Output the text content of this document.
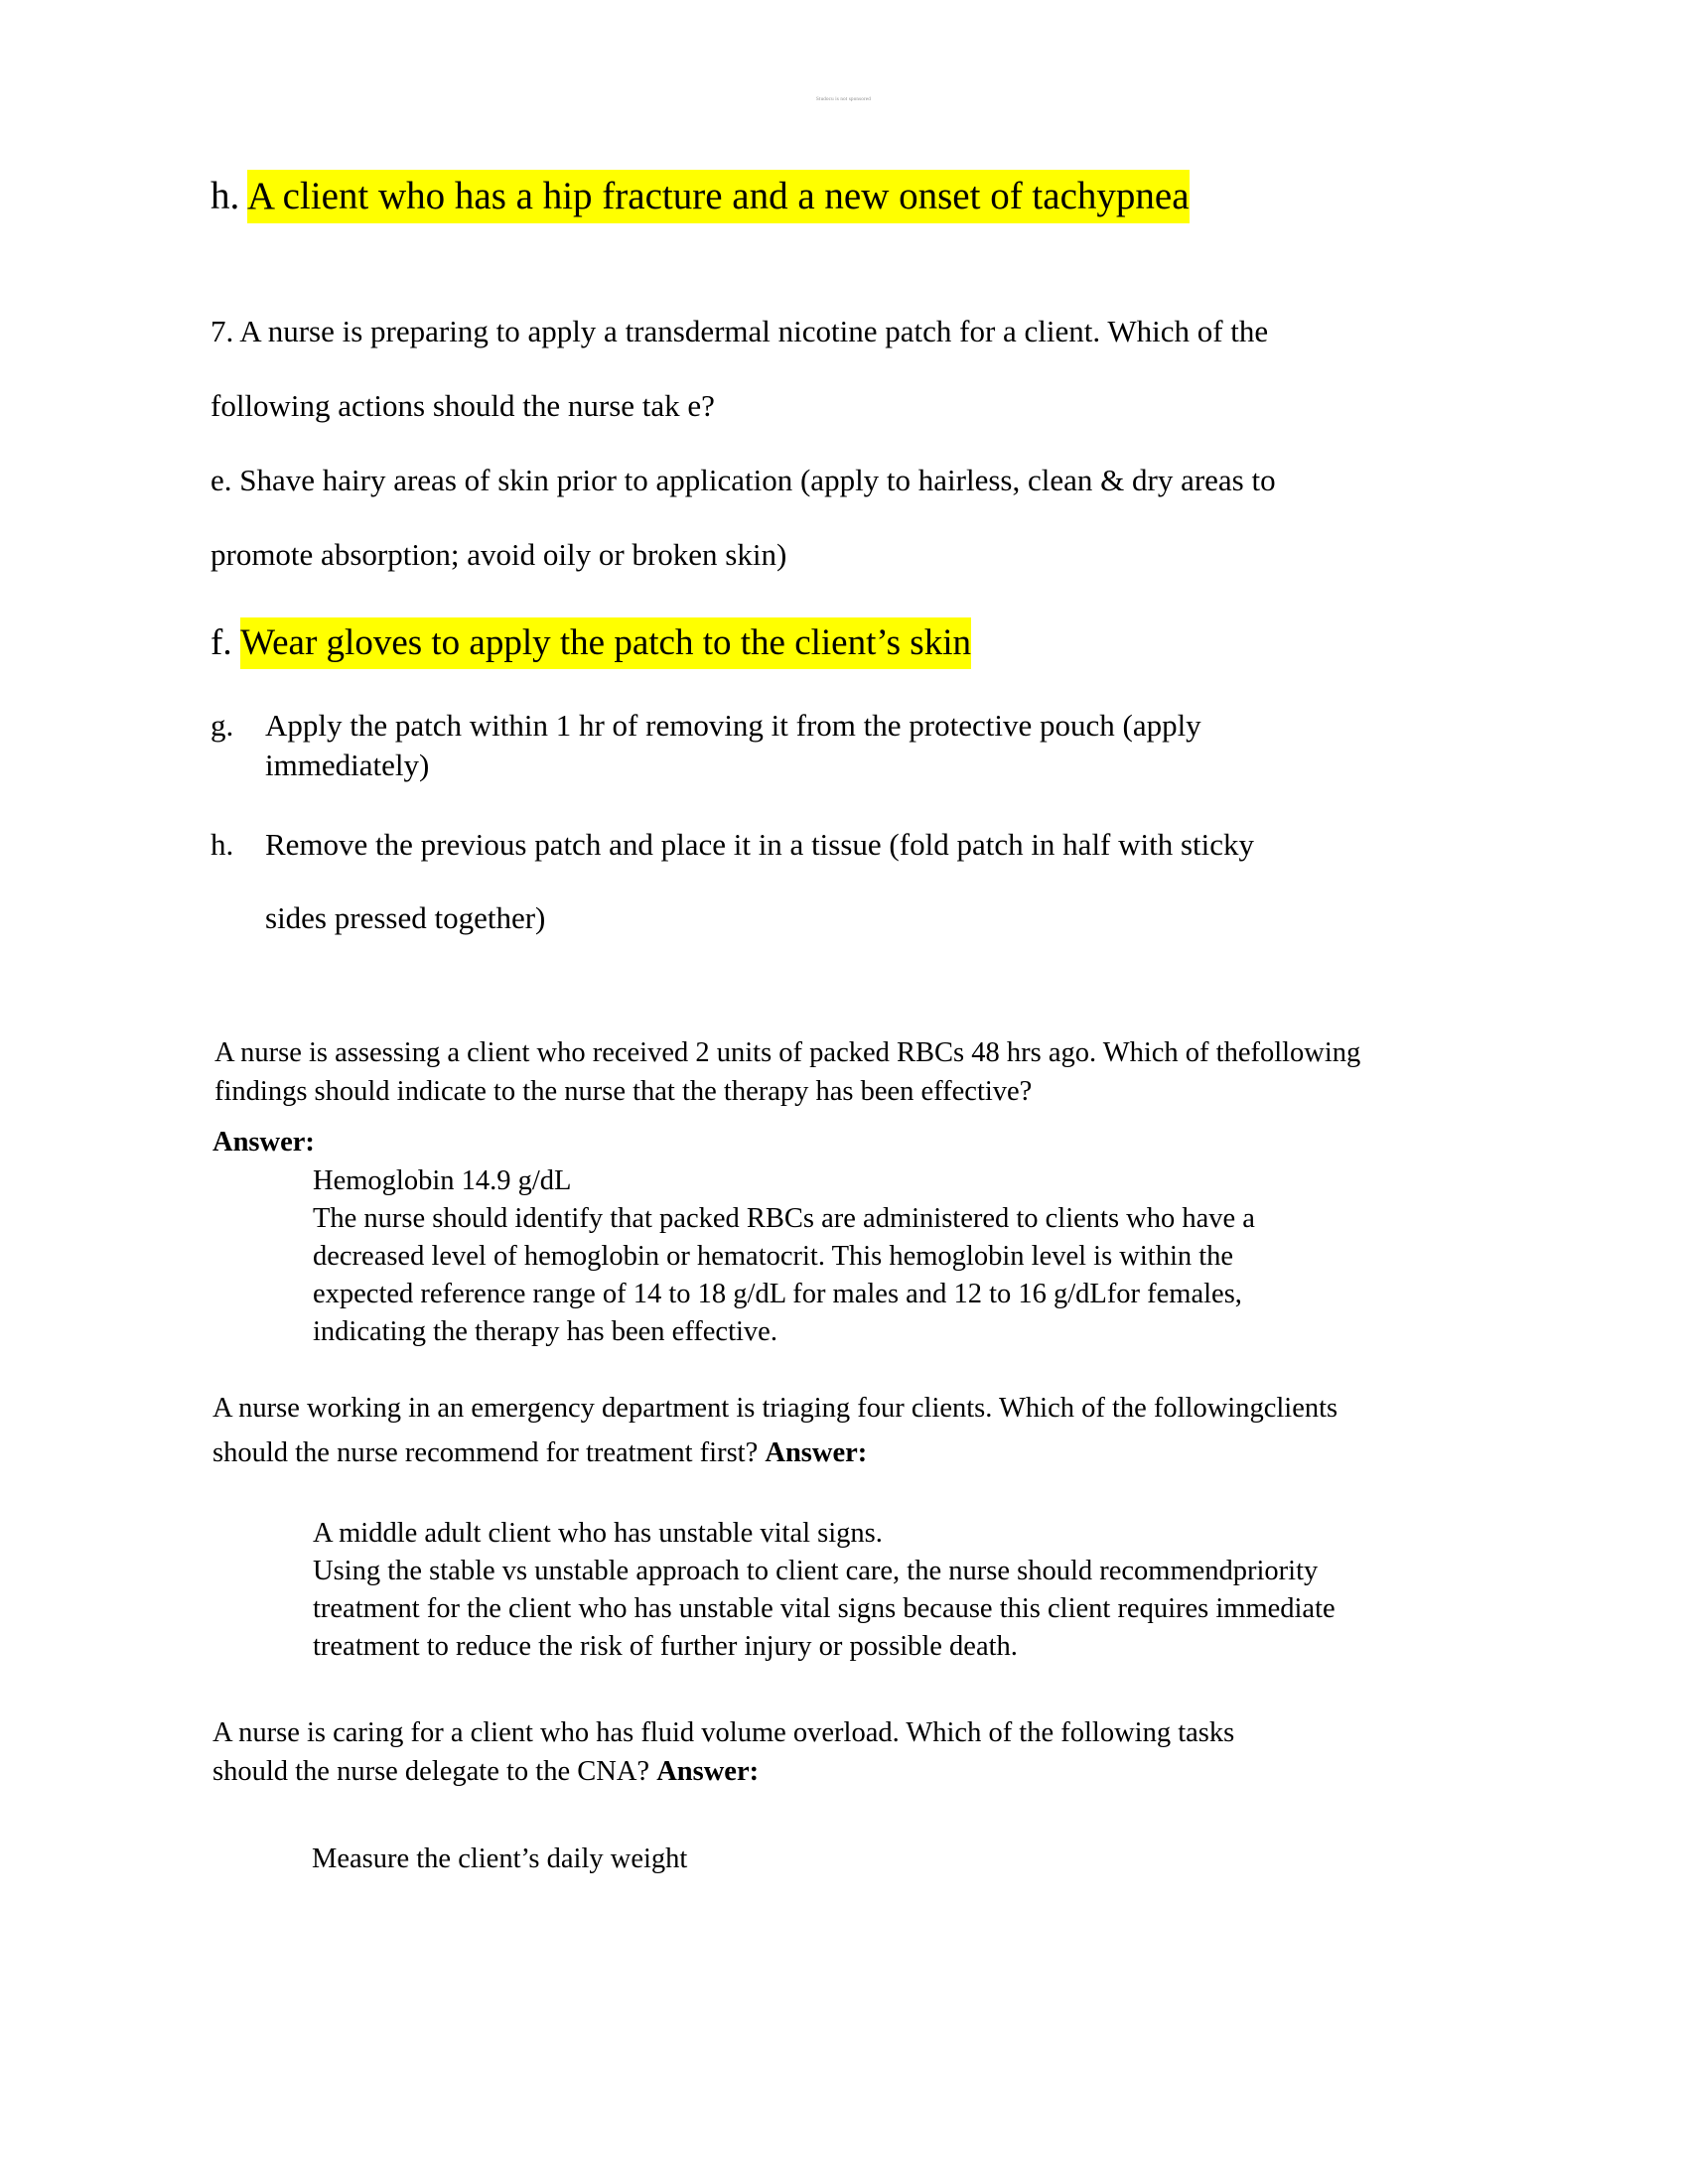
Studocu is not sponsored
h. A client who has a hip fracture and a new onset of tachypnea
7. A nurse is preparing to apply a transdermal nicotine patch for a client. Which of the
following actions should the nurse tak e?
e. Shave hairy areas of skin prior to application (apply to hairless, clean & dry areas to
promote absorption; avoid oily or broken skin)
f. Wear gloves to apply the patch to the client’s skin
g. Apply the patch within 1 hr of removing it from the protective pouch (apply
immediately)
h. Remove the previous patch and place it in a tissue (fold patch in half with sticky
sides pressed together)
A nurse is assessing a client who received 2 units of packed RBCs 48 hrs ago. Which of thefollowing
findings should indicate to the nurse that the therapy has been effective?
Answer:
Hemoglobin 14.9 g/dL
The nurse should identify that packed RBCs are administered to clients who have a
decreased level of hemoglobin or hematocrit. This hemoglobin level is within the
expected reference range of 14 to 18 g/dL for males and 12 to 16 g/dLfor females,
indicating the therapy has been effective.
A nurse working in an emergency department is triaging four clients. Which of the followingclients
should the nurse recommend for treatment first? Answer:
A middle adult client who has unstable vital signs.
Using the stable vs unstable approach to client care, the nurse should recommendpriority
treatment for the client who has unstable vital signs because this client requires immediate
treatment to reduce the risk of further injury or possible death.
A nurse is caring for a client who has fluid volume overload. Which of the following tasks
should the nurse delegate to the CNA? Answer:
Measure the client’s daily weight
